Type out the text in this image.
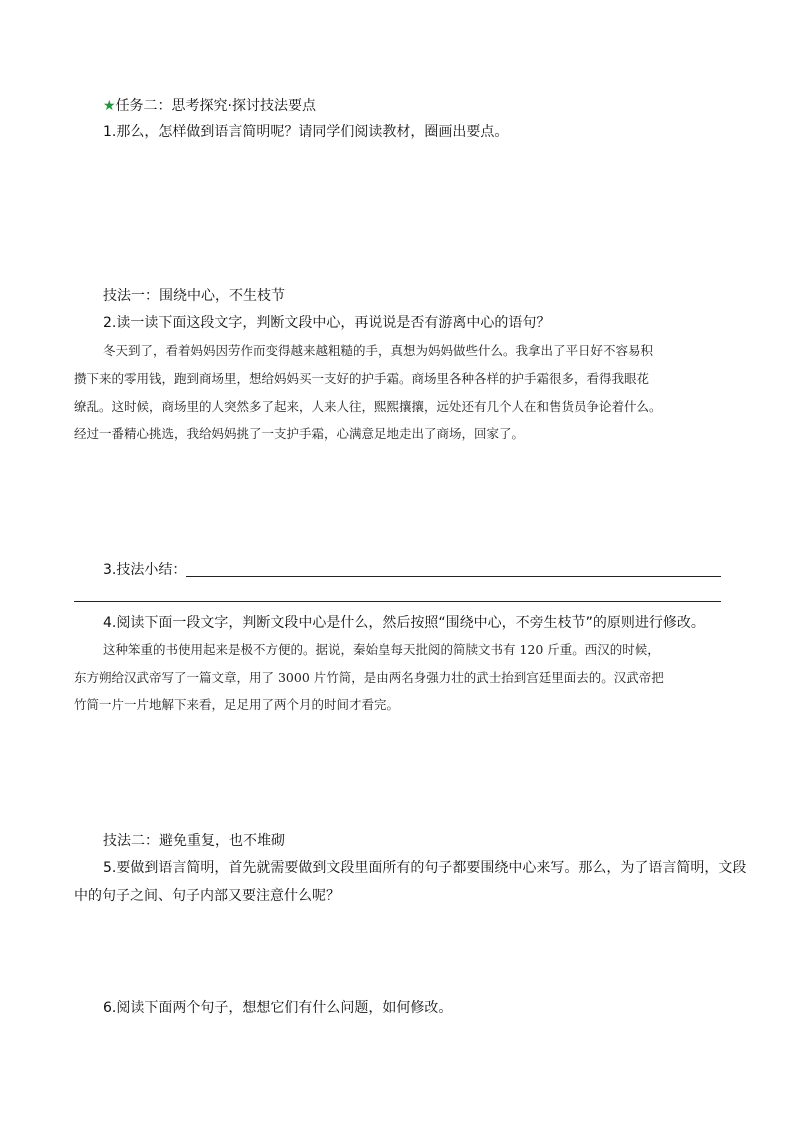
★任务二：思考探究·探讨技法要点
1.那么，怎样做到语言简明呢？请同学们阅读教材，圈画出要点。
技法一：围绕中心，不生枝节
2.读一读下面这段文字，判断文段中心，再说说是否有游离中心的语句？
冬天到了，看着妈妈因劳作而变得越来越粗糙的手，真想为妈妈做些什么。我拿出了平日好不容易积
攒下来的零用钱，跑到商场里，想给妈妈买一支好的护手霜。商场里各种各样的护手霜很多，看得我眼花
缭乱。这时候，商场里的人突然多了起来，人来人往，熙熙攘攘，远处还有几个人在和售货员争论着什么。
经过一番精心挑选，我给妈妈挑了一支护手霜，心满意足地走出了商场，回家了。
3.技法小结：
4.阅读下面一段文字，判断文段中心是什么，然后按照“围绕中心，不旁生枝节”的原则进行修改。
这种笨重的书使用起来是极不方便的。据说，秦始皇每天批阅的简牍文书有 120 斤重。西汉的时候，
东方朔给汉武帝写了一篇文章，用了 3000 片竹简，是由两名身强力壮的武士抬到宫廷里面去的。汉武帝把
竹简一片一片地解下来看，足足用了两个月的时间才看完。
技法二：避免重复，也不堆砌
5.要做到语言简明，首先就需要做到文段里面所有的句子都要围绕中心来写。那么，为了语言简明，文段
中的句子之间、句子内部又要注意什么呢？
6.阅读下面两个句子，想想它们有什么问题，如何修改。
